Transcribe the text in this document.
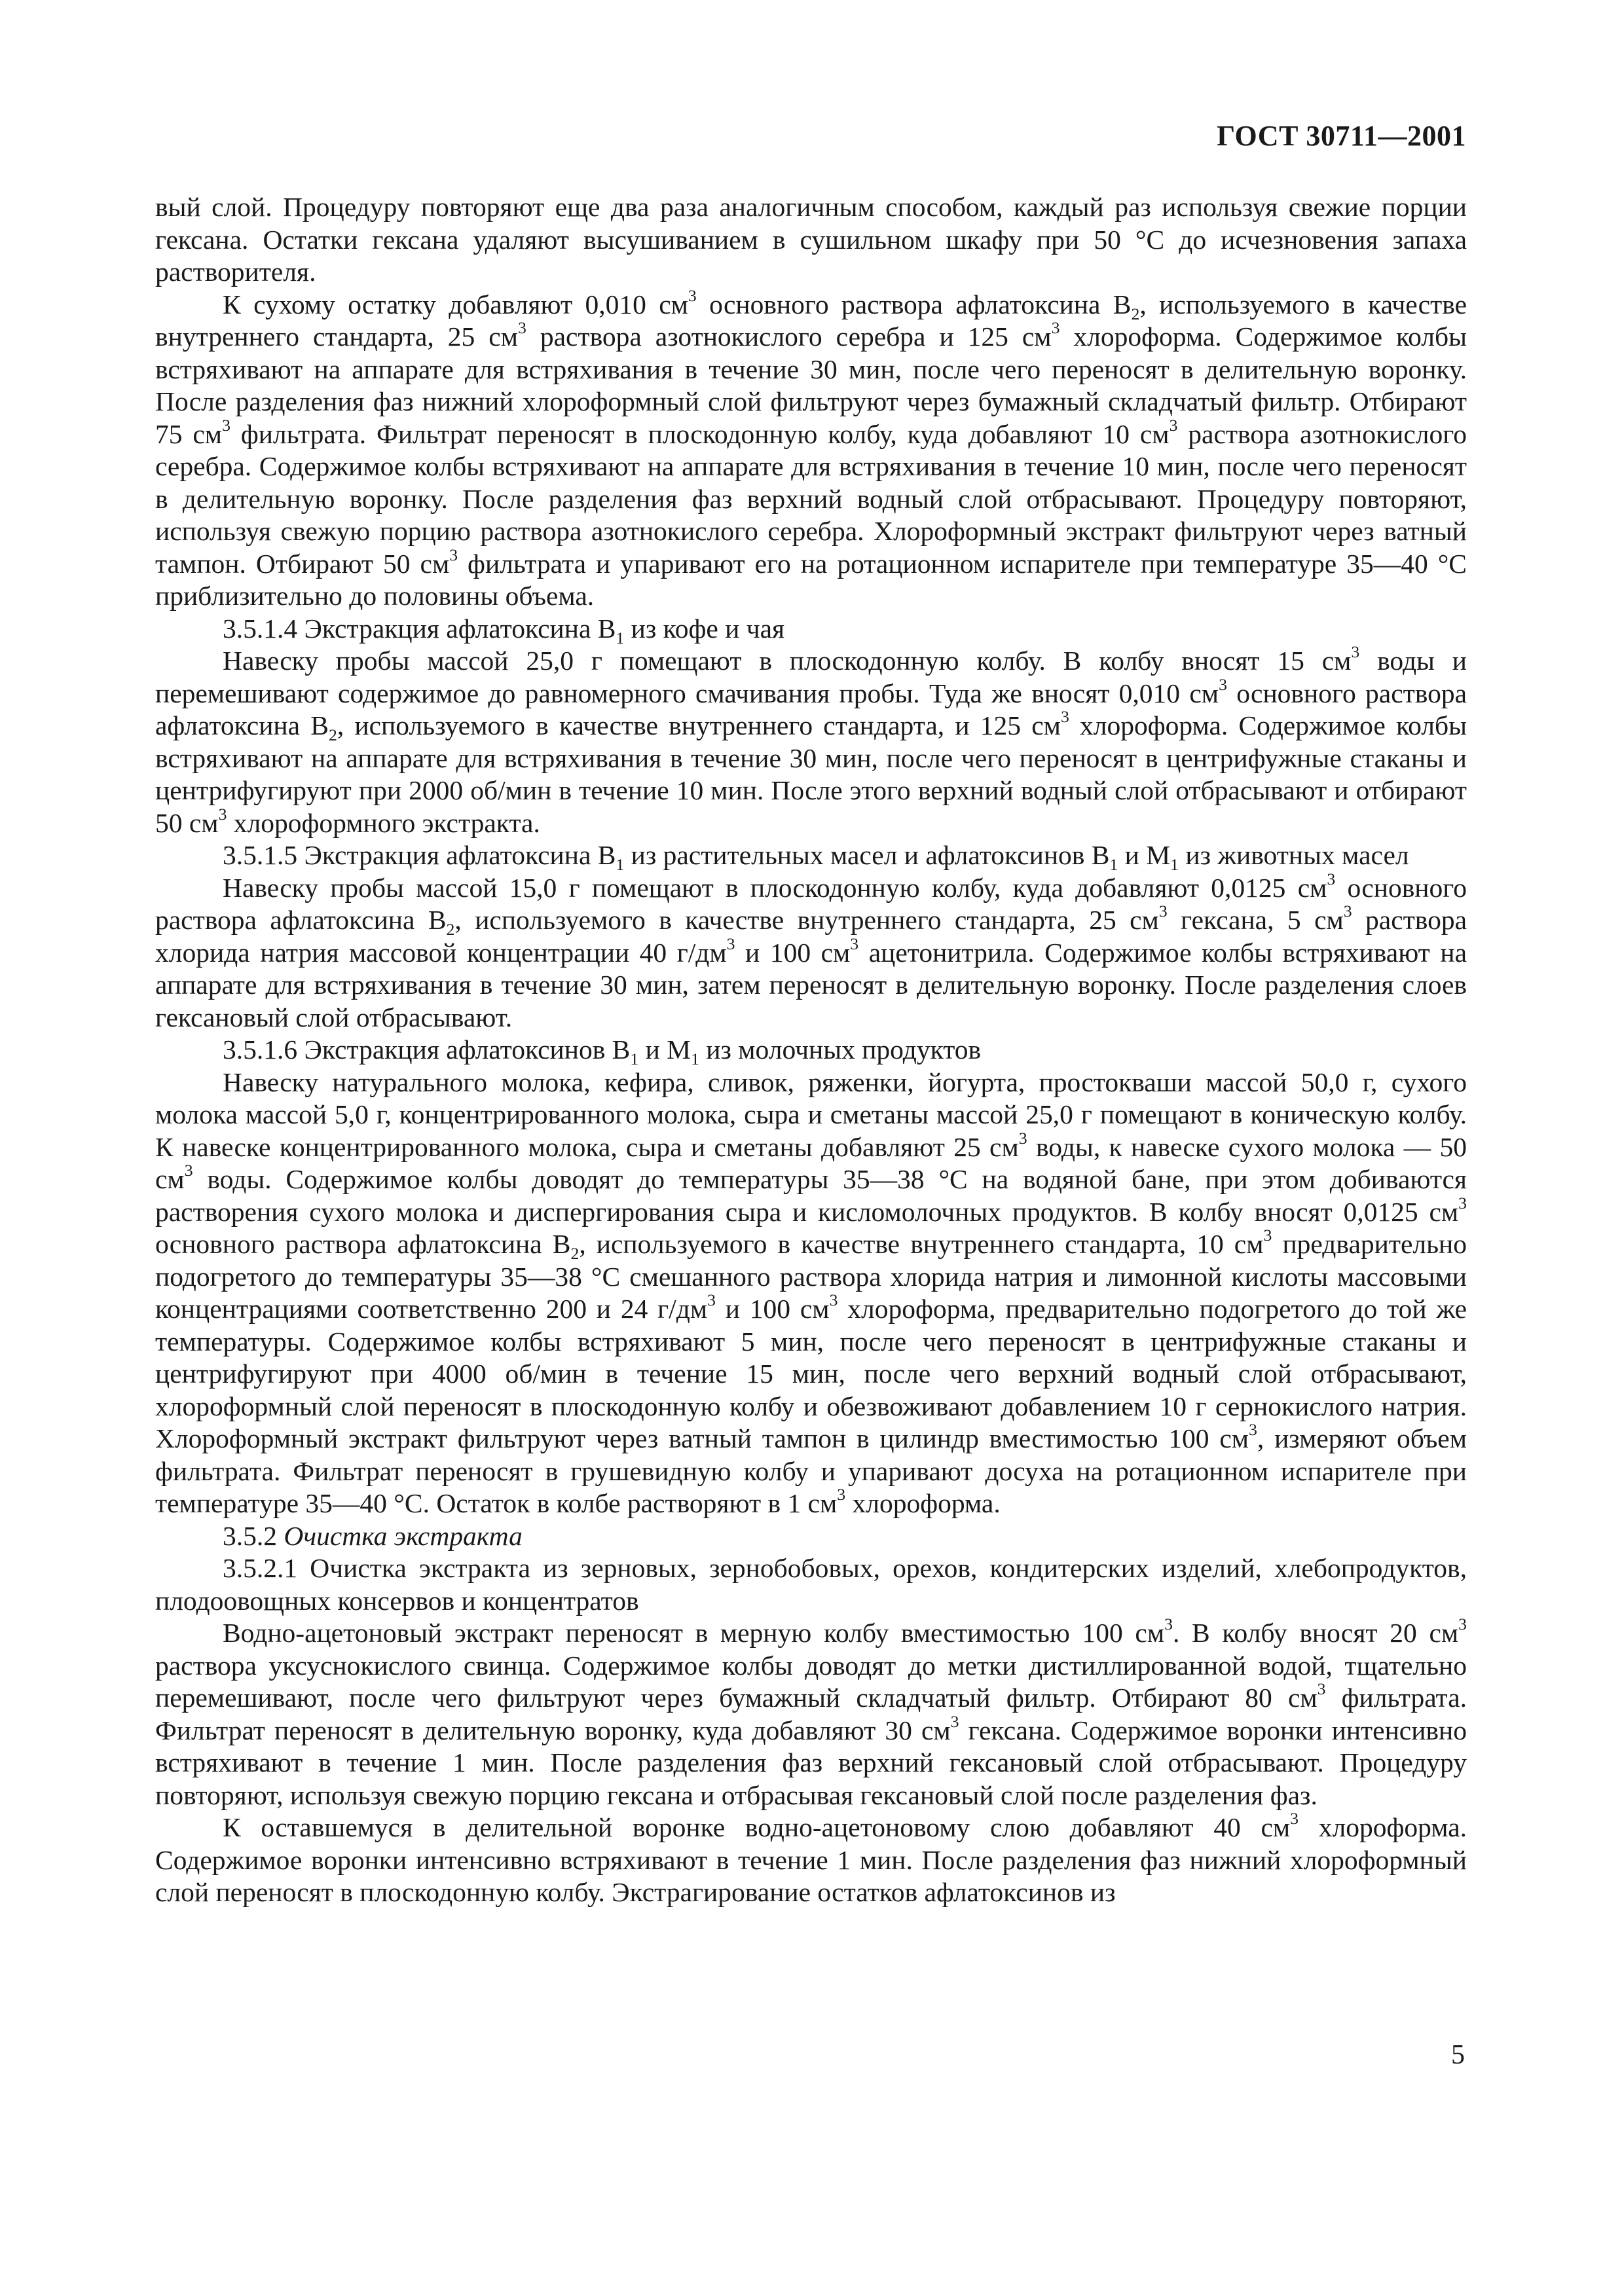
ГОСТ 30711—2001

вый слой. Процедуру повторяют еще два раза аналогичным способом, каждый раз используя свежие порции гексана. Остатки гексана удаляют высушиванием в сушильном шкафу при 50 °С до исчезновения запаха растворителя.

К сухому остатку добавляют 0,010 $см^3$ основного раствора афлатоксина $В_2$, используемого в качестве внутреннего стандарта, 25 $см^3$ раствора азотнокислого серебра и 125 $см^3$ хлороформа. Содержимое колбы встряхивают на аппарате для встряхивания в течение 30 мин, после чего переносят в делительную воронку. После разделения фаз нижний хлороформный слой фильтруют через бумажный складчатый фильтр. Отбирают 75 $см^3$ фильтрата. Фильтрат переносят в плоскодонную колбу, куда добавляют 10 $см^3$ раствора азотнокислого серебра. Содержимое колбы встряхивают на аппарате для встряхивания в течение 10 мин, после чего переносят в делительную воронку. После разделения фаз верхний водный слой отбрасывают. Процедуру повторяют, используя свежую порцию раствора азотнокислого серебра. Хлороформный экстракт фильтруют через ватный тампон. Отбирают 50 $см^3$ фильтрата и упаривают его на ротационном испарителе при температуре 35—40 °С приблизительно до половины объема.

3.5.1.4 Экстракция афлатоксина $В_1$ из кофе и чая

Навеску пробы массой 25,0 г помещают в плоскодонную колбу. В колбу вносят 15 $см^3$ воды и перемешивают содержимое до равномерного смачивания пробы. Туда же вносят 0,010 $см^3$ основного раствора афлатоксина $В_2$, используемого в качестве внутреннего стандарта, и 125 $см^3$ хлороформа. Содержимое колбы встряхивают на аппарате для встряхивания в течение 30 мин, после чего переносят в центрифужные стаканы и центрифугируют при 2000 об/мин в течение 10 мин. После этого верхний водный слой отбрасывают и отбирают 50 $см^3$ хлороформного экстракта.

3.5.1.5 Экстракция афлатоксина $В_1$ из растительных масел и афлатоксинов $В_1$ и $М_1$ из животных масел

Навеску пробы массой 15,0 г помещают в плоскодонную колбу, куда добавляют 0,0125 $см^3$ основного раствора афлатоксина $В_2$, используемого в качестве внутреннего стандарта, 25 $см^3$ гексана, 5 $см^3$ раствора хлорида натрия массовой концентрации 40 $г/дм^3$ и 100 $см^3$ ацетонитрила. Содержимое колбы встряхивают на аппарате для встряхивания в течение 30 мин, затем переносят в делительную воронку. После разделения слоев гексановый слой отбрасывают.

3.5.1.6 Экстракция афлатоксинов $В_1$ и $М_1$ из молочных продуктов

Навеску натурального молока, кефира, сливок, ряженки, йогурта, простокваши массой 50,0 г, сухого молока массой 5,0 г, концентрированного молока, сыра и сметаны массой 25,0 г помещают в коническую колбу. К навеске концентрированного молока, сыра и сметаны добавляют 25 $см^3$ воды, к навеске сухого молока — 50 $см^3$ воды. Содержимое колбы доводят до температуры 35—38 °С на водяной бане, при этом добиваются растворения сухого молока и диспергирования сыра и кисломолочных продуктов. В колбу вносят 0,0125 $см^3$ основного раствора афлатоксина $В_2$, используемого в качестве внутреннего стандарта, 10 $см^3$ предварительно подогретого до температуры 35—38 °С смешанного раствора хлорида натрия и лимонной кислоты массовыми концентрациями соответственно 200 и 24 $г/дм^3$ и 100 $см^3$ хлороформа, предварительно подогретого до той же температуры. Содержимое колбы встряхивают 5 мин, после чего переносят в центрифужные стаканы и центрифугируют при 4000 об/мин в течение 15 мин, после чего верхний водный слой отбрасывают, хлороформный слой переносят в плоскодонную колбу и обезвоживают добавлением 10 г сернокислого натрия. Хлороформный экстракт фильтруют через ватный тампон в цилиндр вместимостью 100 $см^3$, измеряют объем фильтрата. Фильтрат переносят в грушевидную колбу и упаривают досуха на ротационном испарителе при температуре 35—40 °С. Остаток в колбе растворяют в 1 $см^3$ хлороформа.

3.5.2 Очистка экстракта

3.5.2.1 Очистка экстракта из зерновых, зернобобовых, орехов, кондитерских изделий, хлебопродуктов, плодоовощных консервов и концентратов

Водно-ацетоновый экстракт переносят в мерную колбу вместимостью 100 $см^3$. В колбу вносят 20 $см^3$ раствора уксуснокислого свинца. Содержимое колбы доводят до метки дистиллированной водой, тщательно перемешивают, после чего фильтруют через бумажный складчатый фильтр. Отбирают 80 $см^3$ фильтрата. Фильтрат переносят в делительную воронку, куда добавляют 30 $см^3$ гексана. Содержимое воронки интенсивно встряхивают в течение 1 мин. После разделения фаз верхний гексановый слой отбрасывают. Процедуру повторяют, используя свежую порцию гексана и отбрасывая гексановый слой после разделения фаз.

К оставшемуся в делительной воронке водно-ацетоновому слою добавляют 40 $см^3$ хлороформа. Содержимое воронки интенсивно встряхивают в течение 1 мин. После разделения фаз нижний хлороформный слой переносят в плоскодонную колбу. Экстрагирование остатков афлатоксинов из

5
